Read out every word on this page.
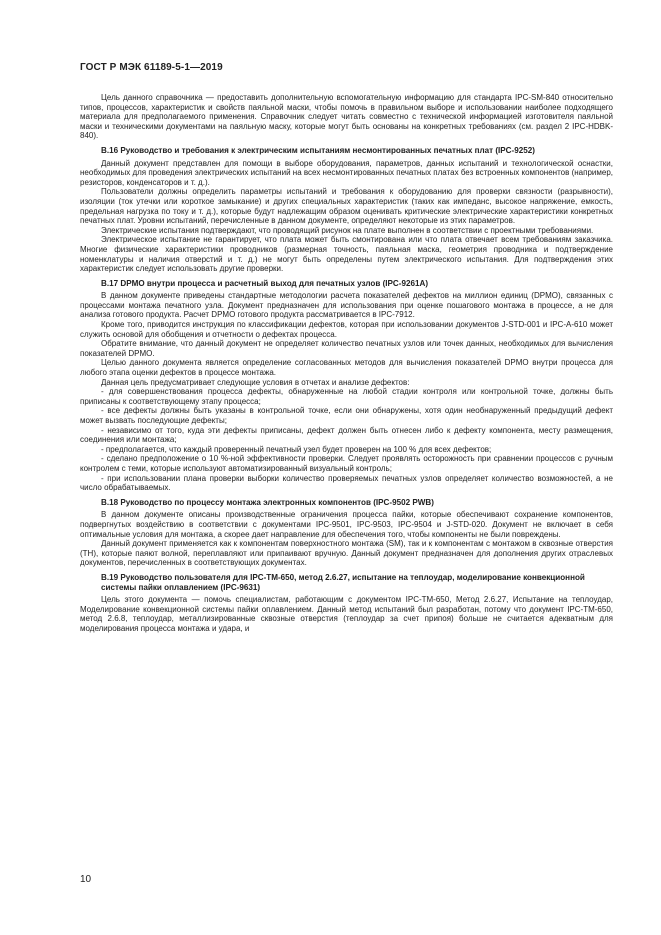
ГОСТ Р МЭК 61189-5-1—2019

Цель данного справочника — предоставить дополнительную вспомогательную информацию для стандарта IPC-SM-840 относительно типов, процессов, характеристик и свойств паяльной маски, чтобы помочь в правильном выборе и использовании наиболее подходящего материала для предполагаемого применения. Справочник следует читать совместно с технической информацией изготовителя паяльной маски и техническими документами на паяльную маску, которые могут быть основаны на конкретных требованиях (см. раздел 2 IPC-HDBK-840).

В.16 Руководство и требования к электрическим испытаниям несмонтированных печатных плат (IPC-9252)

Данный документ представлен для помощи в выборе оборудования, параметров, данных испытаний и технологической оснастки, необходимых для проведения электрических испытаний на всех несмонтированных печатных платах без встроенных компонентов (например, резисторов, конденсаторов и т. д.).

Пользователи должны определить параметры испытаний и требования к оборудованию для проверки связности (разрывности), изоляции (ток утечки или короткое замыкание) и других специальных характеристик (таких как импеданс, высокое напряжение, емкость, предельная нагрузка по току и т. д.), которые будут надлежащим образом оценивать критические электрические характеристики конкретных печатных плат. Уровни испытаний, перечисленные в данном документе, определяют некоторые из этих параметров.

Электрические испытания подтверждают, что проводящий рисунок на плате выполнен в соответствии с проектными требованиями.

Электрическое испытание не гарантирует, что плата может быть смонтирована или что плата отвечает всем требованиям заказчика. Многие физические характеристики проводников (размерная точность, паяльная маска, геометрия проводника и подтверждение номенклатуры и наличия отверстий и т. д.) не могут быть определены путем электрического испытания. Для подтверждения этих характеристик следует использовать другие проверки.

В.17 DPMO внутри процесса и расчетный выход для печатных узлов (IPC-9261A)

В данном документе приведены стандартные методологии расчета показателей дефектов на миллион единиц (DPMO), связанных с процессами монтажа печатного узла. Документ предназначен для использования при оценке пошагового монтажа в процессе, а не для анализа готового продукта. Расчет DPMO готового продукта рассматривается в IPC-7912.

Кроме того, приводится инструкция по классификации дефектов, которая при использовании документов J-STD-001 и IPC-A-610 может служить основой для обобщения и отчетности о дефектах процесса.

Обратите внимание, что данный документ не определяет количество печатных узлов или точек данных, необходимых для вычисления показателей DPMO.

Целью данного документа является определение согласованных методов для вычисления показателей DPMO внутри процесса для любого этапа оценки дефектов в процессе монтажа.

Данная цель предусматривает следующие условия в отчетах и анализе дефектов:

- для совершенствования процесса дефекты, обнаруженные на любой стадии контроля или контрольной точке, должны быть приписаны к соответствующему этапу процесса;

- все дефекты должны быть указаны в контрольной точке, если они обнаружены, хотя один необнаруженный предыдущий дефект может вызвать последующие дефекты;

- независимо от того, куда эти дефекты приписаны, дефект должен быть отнесен либо к дефекту компонента, месту размещения, соединения или монтажа;

- предполагается, что каждый проверенный печатный узел будет проверен на 100 % для всех дефектов;

- сделано предположение о 10 %-ной эффективности проверки. Следует проявлять осторожность при сравнении процессов с ручным контролем с теми, которые используют автоматизированный визуальный контроль;

- при использовании плана проверки выборки количество проверяемых печатных узлов определяет количество возможностей, а не число обрабатываемых.

В.18 Руководство по процессу монтажа электронных компонентов (IPC-9502 PWB)

В данном документе описаны производственные ограничения процесса пайки, которые обеспечивают сохранение компонентов, подвергнутых воздействию в соответствии с документами IPC-9501, IPC-9503, IPC-9504 и J-STD-020. Документ не включает в себя оптимальные условия для монтажа, а скорее дает направление для обеспечения того, чтобы компоненты не были повреждены.

Данный документ применяется как к компонентам поверхностного монтажа (SM), так и к компонентам с монтажом в сквозные отверстия (TH), которые паяют волной, переплавляют или припаивают вручную. Данный документ предназначен для дополнения других отраслевых документов, перечисленных в соответствующих документах.

В.19 Руководство пользователя для IPC-TM-650, метод 2.6.27, испытание на теплоудар, моделирование конвекционной системы пайки оплавлением (IPC-9631)

Цель этого документа — помочь специалистам, работающим с документом IPC-TM-650, Метод 2.6.27, Испытание на теплоудар, Моделирование конвекционной системы пайки оплавлением. Данный метод испытаний был разработан, потому что документ IPC-TM-650, метод 2.6.8, теплоудар, металлизированные сквозные отверстия (теплоудар за счет припоя) больше не считается адекватным для моделирования процесса монтажа и удара, и

10
